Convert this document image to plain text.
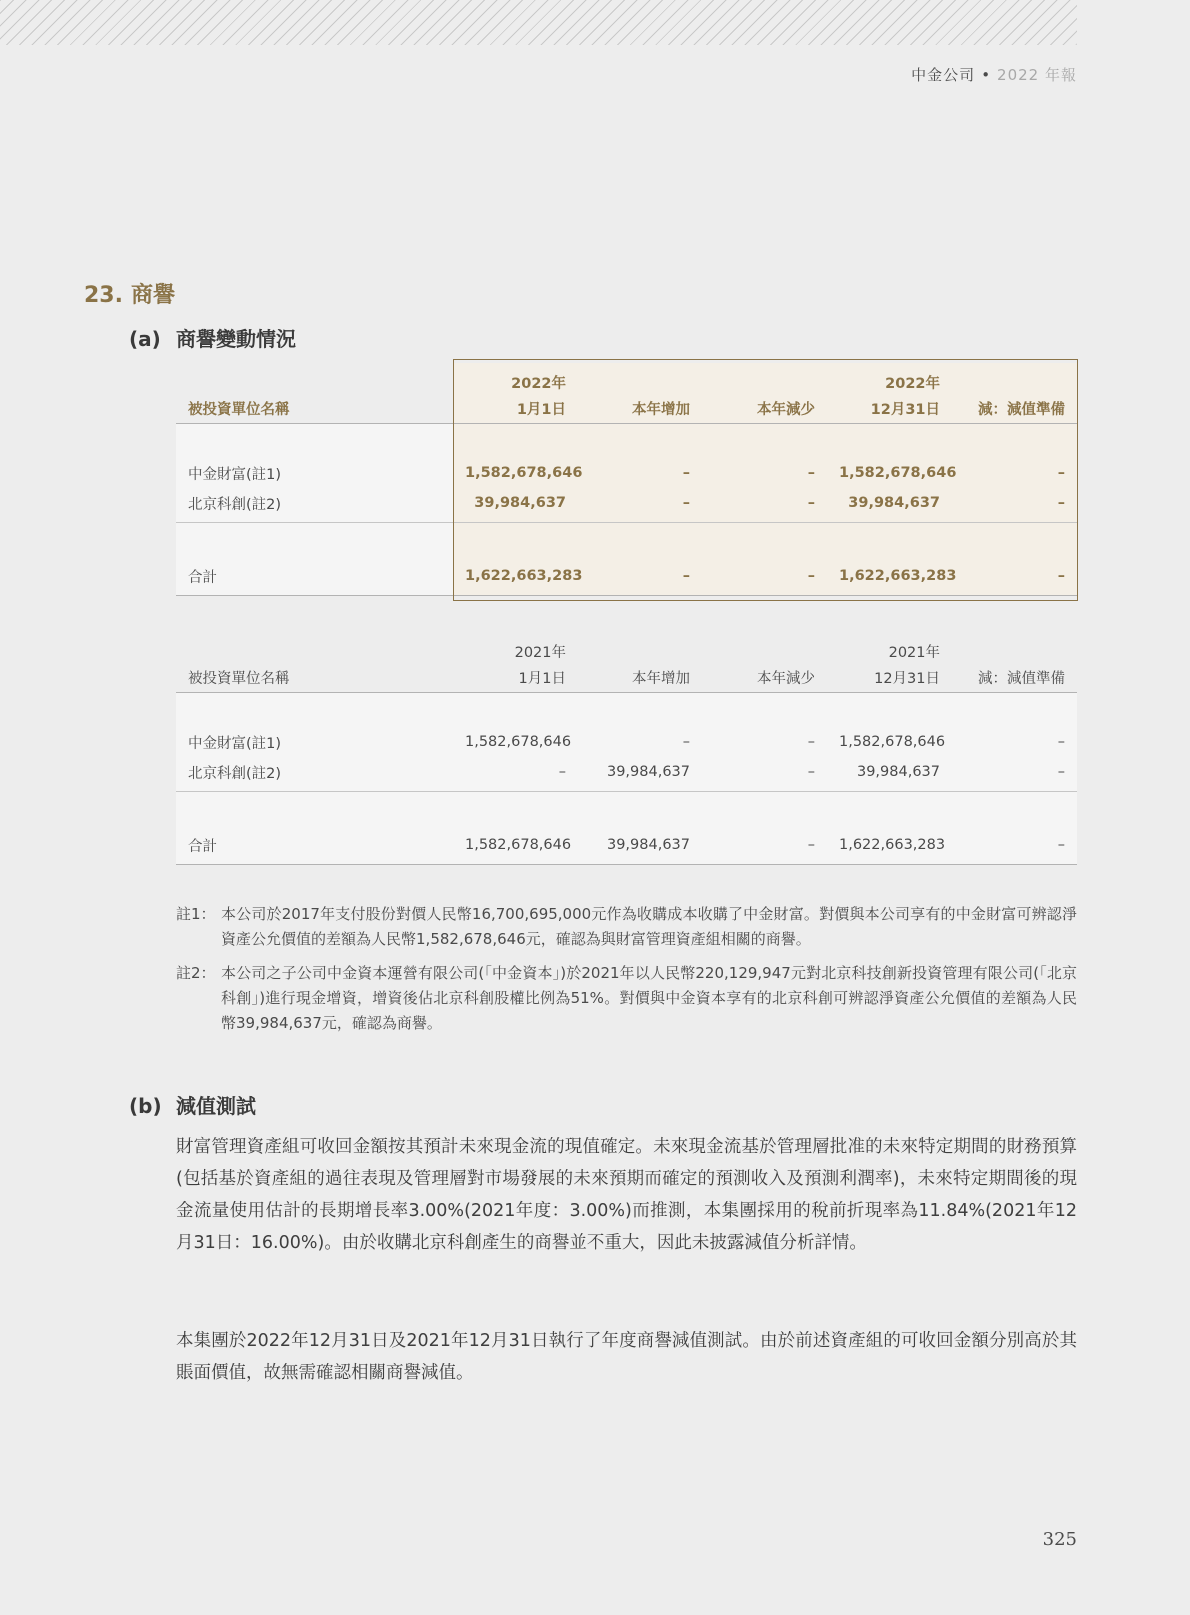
中金公司 • 2022 年報
23. 商譽
(a) 商譽變動情況
	2022年			2022年	
被投資單位名稱	1月1日	本年增加	本年減少	12月31日	減：減值準備

中金財富(註1)	1,582,678,646	–	–	1,582,678,646	–
北京科創(註2)	39,984,637	–	–	39,984,637	–

合計	1,622,663,283	–	–	1,622,663,283	–
	2021年			2021年	
被投資單位名稱	1月1日	本年增加	本年減少	12月31日	減：減值準備

中金財富(註1)	1,582,678,646	–	–	1,582,678,646	–
北京科創(註2)	–	39,984,637	–	39,984,637	–

合計	1,582,678,646	39,984,637	–	1,622,663,283	–
註1： 本公司於2017年支付股份對價人民幣16,700,695,000元作為收購成本收購了中金財富。對價與本公司享有的中金財富可辨認淨資產公允價值的差額為人民幣1,582,678,646元，確認為與財富管理資產組相關的商譽。
註2： 本公司之子公司中金資本運營有限公司(「中金資本」)於2021年以人民幣220,129,947元對北京科技創新投資管理有限公司(「北京科創」)進行現金增資，增資後佔北京科創股權比例為51%。對價與中金資本享有的北京科創可辨認淨資產公允價值的差額為人民幣39,984,637元，確認為商譽。
(b) 減值測試
財富管理資產組可收回金額按其預計未來現金流的現值確定。未來現金流基於管理層批准的未來特定期間的財務預算(包括基於資產組的過往表現及管理層對市場發展的未來預期而確定的預測收入及預測利潤率)，未來特定期間後的現金流量使用估計的長期增長率3.00%(2021年度：3.00%)而推測，本集團採用的稅前折現率為11.84%(2021年12月31日：16.00%)。由於收購北京科創產生的商譽並不重大，因此未披露減值分析詳情。
本集團於2022年12月31日及2021年12月31日執行了年度商譽減值測試。由於前述資產組的可收回金額分別高於其賬面價值，故無需確認相關商譽減值。
325
